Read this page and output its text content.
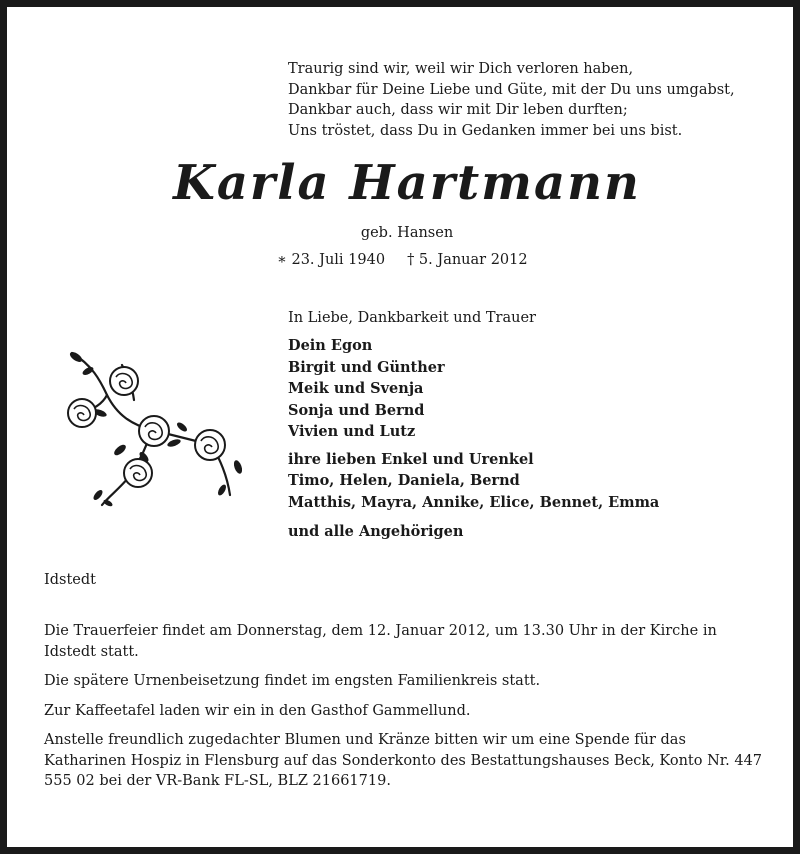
Traurig sind wir, weil wir Dich verloren haben,
Dankbar für Deine Liebe und Güte, mit der Du uns umgabst,
Dankbar auch, dass wir mit Dir leben durften;
Uns tröstet, dass Du in Gedanken immer bei uns bist.
Karla Hartmann
geb. Hansen
∗ 23. Juli 1940 † 5. Januar 2012
In Liebe, Dankbarkeit und Trauer
Dein Egon
Birgit und Günther
Meik und Svenja
Sonja und Bernd
Vivien und Lutz
ihre lieben Enkel und Urenkel
Timo, Helen, Daniela, Bernd
Matthis, Mayra, Annike, Elice, Bennet, Emma
und alle Angehörigen
Idstedt

Die Trauerfeier findet am Donnerstag, dem 12. Januar 2012, um 13.30 Uhr in der Kirche in Idstedt statt.

Die spätere Urnenbeisetzung findet im engsten Familienkreis statt.

Zur Kaffeetafel laden wir ein in den Gasthof Gammellund.

Anstelle freundlich zugedachter Blumen und Kränze bitten wir um eine Spende für das Katharinen Hospiz in Flensburg auf das Sonderkonto des Bestattungshauses Beck, Konto Nr. 447 555 02 bei der VR-Bank FL-SL, BLZ 21661719.
